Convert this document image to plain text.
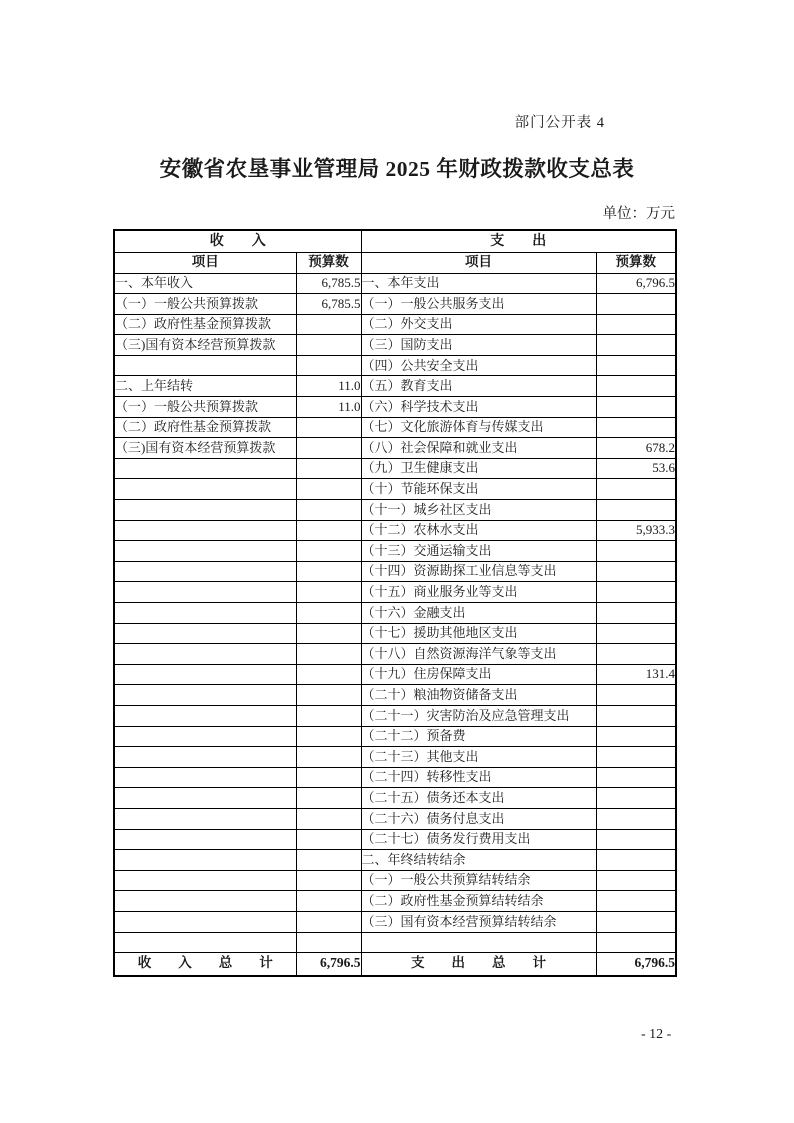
部门公开表 4
安徽省农垦事业管理局 2025 年财政拨款收支总表
单位：万元
收　　入		支　　出	
项目	预算数	项目	预算数
一、本年收入	6,785.5	一、本年支出	6,796.5
（一）一般公共预算拨款	6,785.5	（一）一般公共服务支出	
（二）政府性基金预算拨款		（二）外交支出	
（三)国有资本经营预算拨款		（三）国防支出	
		（四）公共安全支出	
二、上年结转	11.0	（五）教育支出	
（一）一般公共预算拨款	11.0	（六）科学技术支出	
（二）政府性基金预算拨款		（七）文化旅游体育与传媒支出	
（三)国有资本经营预算拨款		（八）社会保障和就业支出	678.2
		（九）卫生健康支出	53.6
		（十）节能环保支出	
		（十一）城乡社区支出	
		（十二）农林水支出	5,933.3
		（十三）交通运输支出	
		（十四）资源勘探工业信息等支出	
		（十五）商业服务业等支出	
		（十六）金融支出	
		（十七）援助其他地区支出	
		（十八）自然资源海洋气象等支出	
		（十九）住房保障支出	131.4
		（二十）粮油物资储备支出	
		（二十一）灾害防治及应急管理支出	
		（二十二）预备费	
		（二十三）其他支出	
		（二十四）转移性支出	
		（二十五）债务还本支出	
		（二十六）债务付息支出	
		（二十七）债务发行费用支出	
		二、年终结转结余	
		（一）一般公共预算结转结余	
		（二）政府性基金预算结转结余	
		（三）国有资本经营预算结转结余	

收　　入　　总　　计	6,796.5	支　　出　　总　　计	6,796.5
- 12 -
